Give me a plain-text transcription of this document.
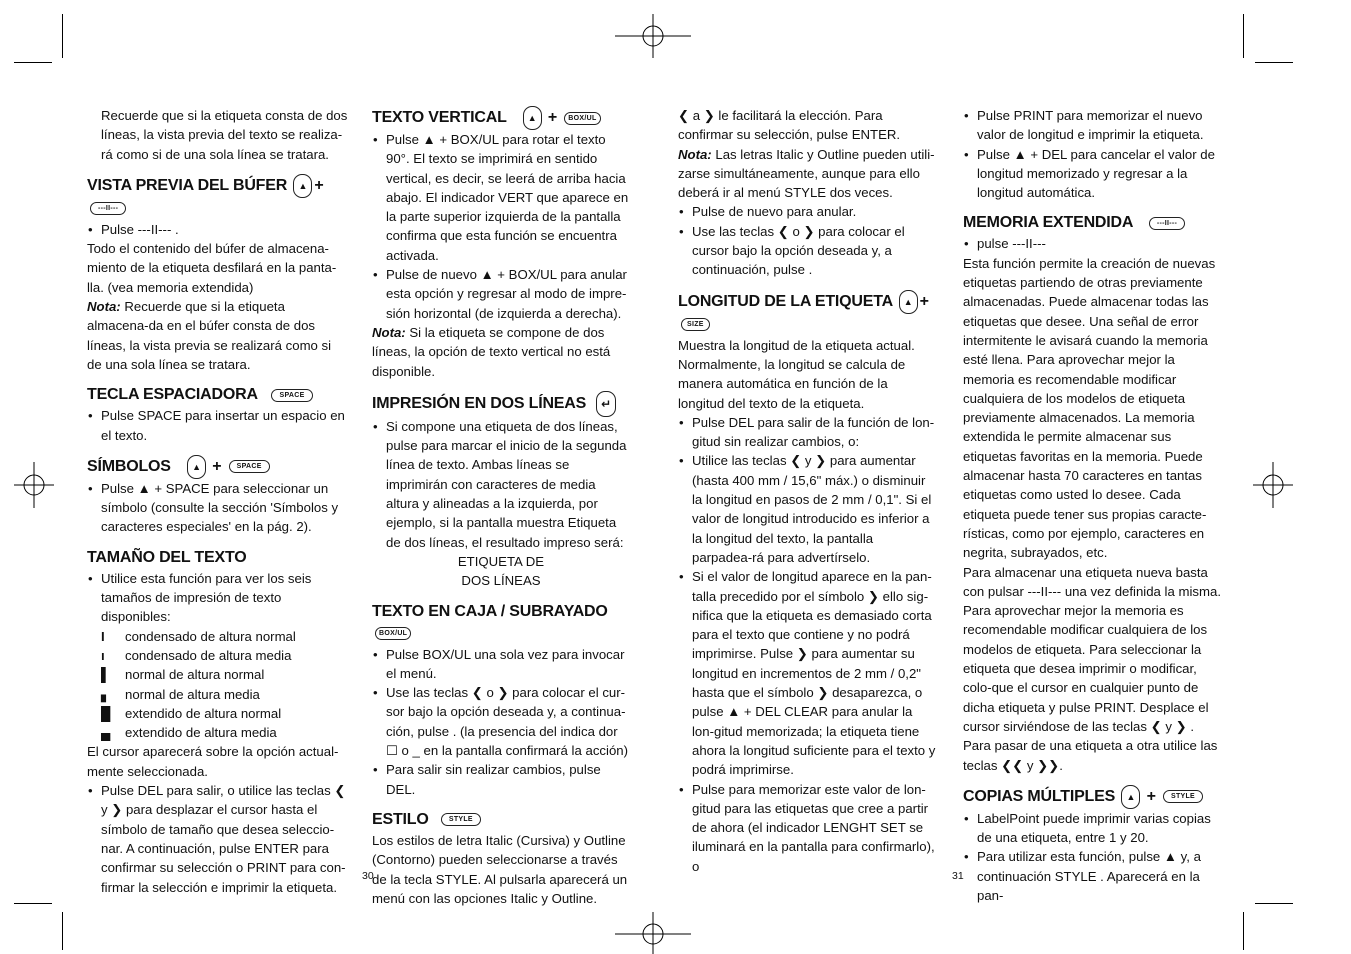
Recuerde que si la etiqueta consta de dos líneas, la vista previa del texto se realiza-rá como si de una sola línea se tratara.

VISTA PREVIA DEL BÚFER ▲ +---II---

• Pulse ---II--- .

Todo el contenido del búfer de almacena-miento de la etiqueta desfilará en la panta-lla. (vea memoria extendida)

Nota: Recuerde que si la etiqueta almacena-da en el búfer consta de dos líneas, la vista previa se realizará como si de una sola línea se tratara.

TECLA ESPACIADORA	SPACE

• Pulse SPACE para insertar un espacio en el texto.

SÍMBOLOS ▲ + SPACE

• Pulse ▲ + SPACE para seleccionar un símbolo (consulte la sección 'Símbolos y caracteres especiales' en la pág. 2).

TAMAÑO DEL TEXTO

• Utilice esta función para ver los seis tamaños de impresión de texto disponibles:

I condensado de altura normal

ı condensado de altura media

▌ normal de altura normal

▖ normal de altura media

█ extendido de altura normal

▄ extendido de altura media

El cursor aparecerá sobre la opción actual-mente seleccionada.

• Pulse DEL para salir, o utilice las teclas ❮ y ❯ para desplazar el cursor hasta el símbolo de tamaño que desea seleccio-nar. A continuación, pulse ENTER para confirmar su selección o PRINT para con-firmar la selección e imprimir la etiqueta.

TEXTO VERTICAL ▲ + BOX/UL

• Pulse ▲ + BOX/UL para rotar el texto 90°. El texto se imprimirá en sentido vertical, es decir, se leerá de arriba hacia abajo. El indicador VERT que aparece en la parte superior izquierda de la pantalla confirma que esta función se encuentra activada.

• Pulse de nuevo ▲ + BOX/UL para anular esta opción y regresar al modo de impre-sión horizontal (de izquierda a derecha).

Nota: Si la etiqueta se compone de dos líneas, la opción de texto vertical no está disponible.

IMPRESIÓN EN DOS LÍNEAS ↵

• Si compone una etiqueta de dos líneas, pulse para marcar el inicio de la segunda línea de texto. Ambas líneas se imprimirán con caracteres de media altura y alineadas a la izquierda, por ejemplo, si la pantalla muestra Etiqueta de dos líneas, el resultado impreso será:

ETIQUETA DE

DOS LÍNEAS

TEXTO EN CAJA / SUBRAYADO BOX/UL

• Pulse BOX/UL una sola vez para invocar el menú.

• Use las teclas ❮ o ❯ para colocar el cur-sor bajo la opción deseada y, a continua-ción, pulse . (la presencia del indica dor ☐ o _ en la pantalla confirmará la acción)

• Para salir sin realizar cambios, pulse DEL.

ESTILO	STYLE

Los estilos de letra Italic (Cursiva) y Outline (Contorno) pueden seleccionarse a través de la tecla STYLE. Al pulsarla aparecerá un menú con las opciones Italic y Outline.

❮ a ❯ le facilitará la elección. Para confirmar su selección, pulse ENTER.

Nota: Las letras Italic y Outline pueden utili-zarse simultáneamente, aunque para ello deberá ir al menú STYLE dos veces.

• Pulse de nuevo para anular.

• Use las teclas ❮ o ❯ para colocar el cursor bajo la opción deseada y, a continuación, pulse .

LONGITUD DE LA ETIQUETA ▲ +SIZE

Muestra la longitud de la etiqueta actual. Normalmente, la longitud se calcula de manera automática en función de la longitud del texto de la etiqueta.

• Pulse DEL para salir de la función de lon-gitud sin realizar cambios, o:

• Utilice las teclas ❮ y ❯ para aumentar (hasta 400 mm / 15,6" máx.) o disminuir la longitud en pasos de 2 mm / 0,1". Si el valor de longitud introducido es inferior a la longitud del texto, la pantalla parpadea-rá para advertírselo.

• Si el valor de longitud aparece en la pan-talla precedido por el símbolo ❯ ello sig-nifica que la etiqueta es demasiado corta para el texto que contiene y no podrá imprimirse. Pulse ❯ para aumentar su longitud en incrementos de 2 mm / 0,2" hasta que el símbolo ❯ desaparezca, o pulse ▲ + DEL CLEAR para anular la lon-gitud memorizada; la etiqueta tiene ahora la longitud suficiente para el texto y podrá imprimirse.

• Pulse para memorizar este valor de lon-gitud para las etiquetas que cree a partir de ahora (el indicador LENGHT SET se iluminará en la pantalla para confirmarlo), o

• Pulse PRINT para memorizar el nuevo valor de longitud e imprimir la etiqueta.

• Pulse ▲ + DEL para cancelar el valor de longitud memorizado y regresar a la longitud automática.

MEMORIA EXTENDIDA	---II---

• pulse ---II---

Esta función permite la creación de nuevas etiquetas partiendo de otras previamente almacenadas. Puede almacenar todas las etiquetas que desee. Una señal de error intermitente le avisará cuando la memoria esté llena. Para aprovechar mejor la memoria es recomendable modificar cualquiera de los modelos de etiqueta previamente almacenados. La memoria extendida le permite almacenar sus etiquetas favoritas en la memoria. Puede almacenar hasta 70 caracteres en tantas etiquetas como usted lo desee. Cada etiqueta puede tener sus propias caracte-rísticas, como por ejemplo, caracteres en negrita, subrayados, etc.

Para almacenar una etiqueta nueva basta con pulsar ---II--- una vez definida la misma. Para aprovechar mejor la memoria es recomendable modificar cualquiera de los modelos de etiqueta. Para seleccionar la etiqueta que desea imprimir o modificar, colo-que el cursor en cualquier punto de dicha etiqueta y pulse PRINT. Desplace el cursor sirviéndose de las teclas ❮ y ❯ . Para pasar de una etiqueta a otra utilice las teclas ❮❮ y ❯❯.

COPIAS MÚLTIPLES ▲ + STYLE

• LabelPoint puede imprimir varias copias de una etiqueta, entre 1 y 20.

• Para utilizar esta función, pulse ▲ y, a continuación STYLE . Aparecerá en la pan-

30	31
